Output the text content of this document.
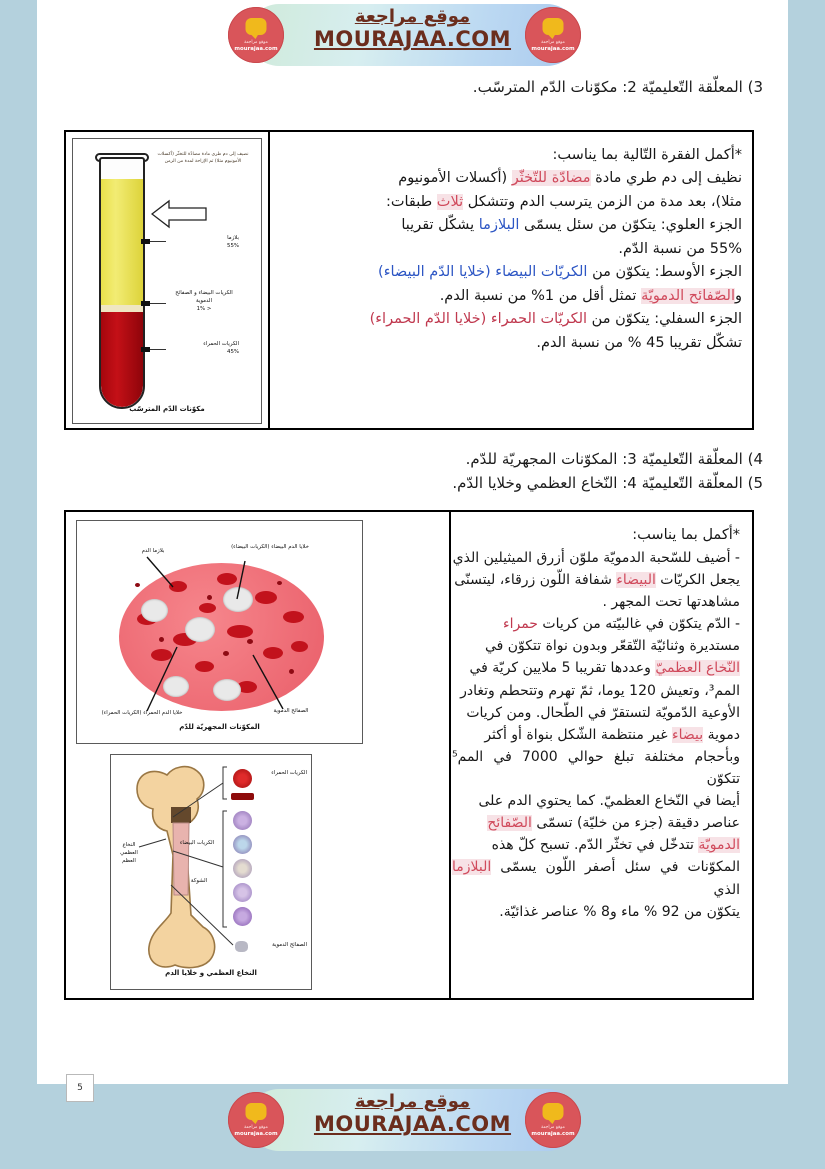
3) المعلّقة التّعليميّة 2: مكوّنات الدّم المترسّب.

*أكمل الفقرة التّالية بما يناسب:

نظيف إلى دم طري مادة مضادّة للتّخثّر (أكسلات الأمونيوم

مثلا)، بعد مدة من الزمن يترسب الدم وتتشكل ثلاث طبقات:

الجزء العلوي: يتكوّن من سئل يسمّى البلازما يشكّل تقريبا

55% من نسبة الدّم.

الجزء الأوسط: يتكوّن من الكريّات البيضاء (خلايا الدّم البيضاء)

والصّفائح الدمويّة تمثل أقل من 1% من نسبة الدم.

الجزء السفلي: يتكوّن من الكريّات الحمراء (خلايا الدّم الحمراء)

تشكّل تقريبا 45 % من نسبة الدم.

نضيف إلى دم طري مادة مضادّة للتخثّر (أكسلات الأمونيوم مثلا) ثم الإزاحة لمدة من الزمن
بلازما
55%
الكريات البيضاء و الصفائح الدموية
< 1%
الكريات الحمراء
45%
مكوّنات الدّم المترسّب
4) المعلّقة التّعليميّة 3: المكوّنات المجهريّة للدّم.
5) المعلّقة التّعليميّة 4: النّخاع العظمي وخلايا الدّم.

*أكمل بما يناسب:

- أضيف للسّحبة الدمويّة ملوّن أزرق الميثيلين الذي

يجعل الكريّات البيضاء شفافة اللّون زرقاء، ليتسنّى

مشاهدتها تحت المجهر .

- الدّم يتكوّن في غالبيّته من كريات حمراء

مستديرة وثنائيّة التّقعّر وبدون نواة تتكوّن في

النّخاع العظميّ وعددها تقريبا 5 ملايين كريّة في

المم³، وتعيش 120 يوما، ثمّ تهرم وتتحطم وتغادر

الأوعية الدّمويّة لتستقرّ في الطّحال. ومن كريات

دموية بيضاء غير منتظمة الشّكل بنواة أو أكثر

وبأحجام مختلفة تبلغ حوالي 7000 في المم⁵ تتكوّن

أيضا في النّخاع العظميّ. كما يحتوي الدم على

عناصر دقيقة (جزء من خليّة) تسمّى الصّفائح

الدمويّة تتدخّل في تخثّر الدّم. تسبح كلّ هذه

المكوّنات في سئل أصفر اللّون يسمّى البلازما الذي

يتكوّن من 92 % ماء و8 % عناصر غذائيّة.

بلازما الدم
خلايا الدم البيضاء (الكريات البيضاء)
خلايا الدم الحمراء (الكريات الحمراء)	الصفائح الدموية
المكوّنات المجهريّة للدّم
الكريات الحمراء
الكريات البيضاء
النخاع العظمي
العظم
الشوكة
الصفائح الدموية
النخاع العظمي و خلايا الدم
5
موقع مراجعة
MOURAJAA.COM
موقع مراجعة
mourajaa.com
موقع مراجعة
mourajaa.com
موقع مراجعة
MOURAJAA.COM
موقع مراجعة
mourajaa.com
موقع مراجعة
mourajaa.com
